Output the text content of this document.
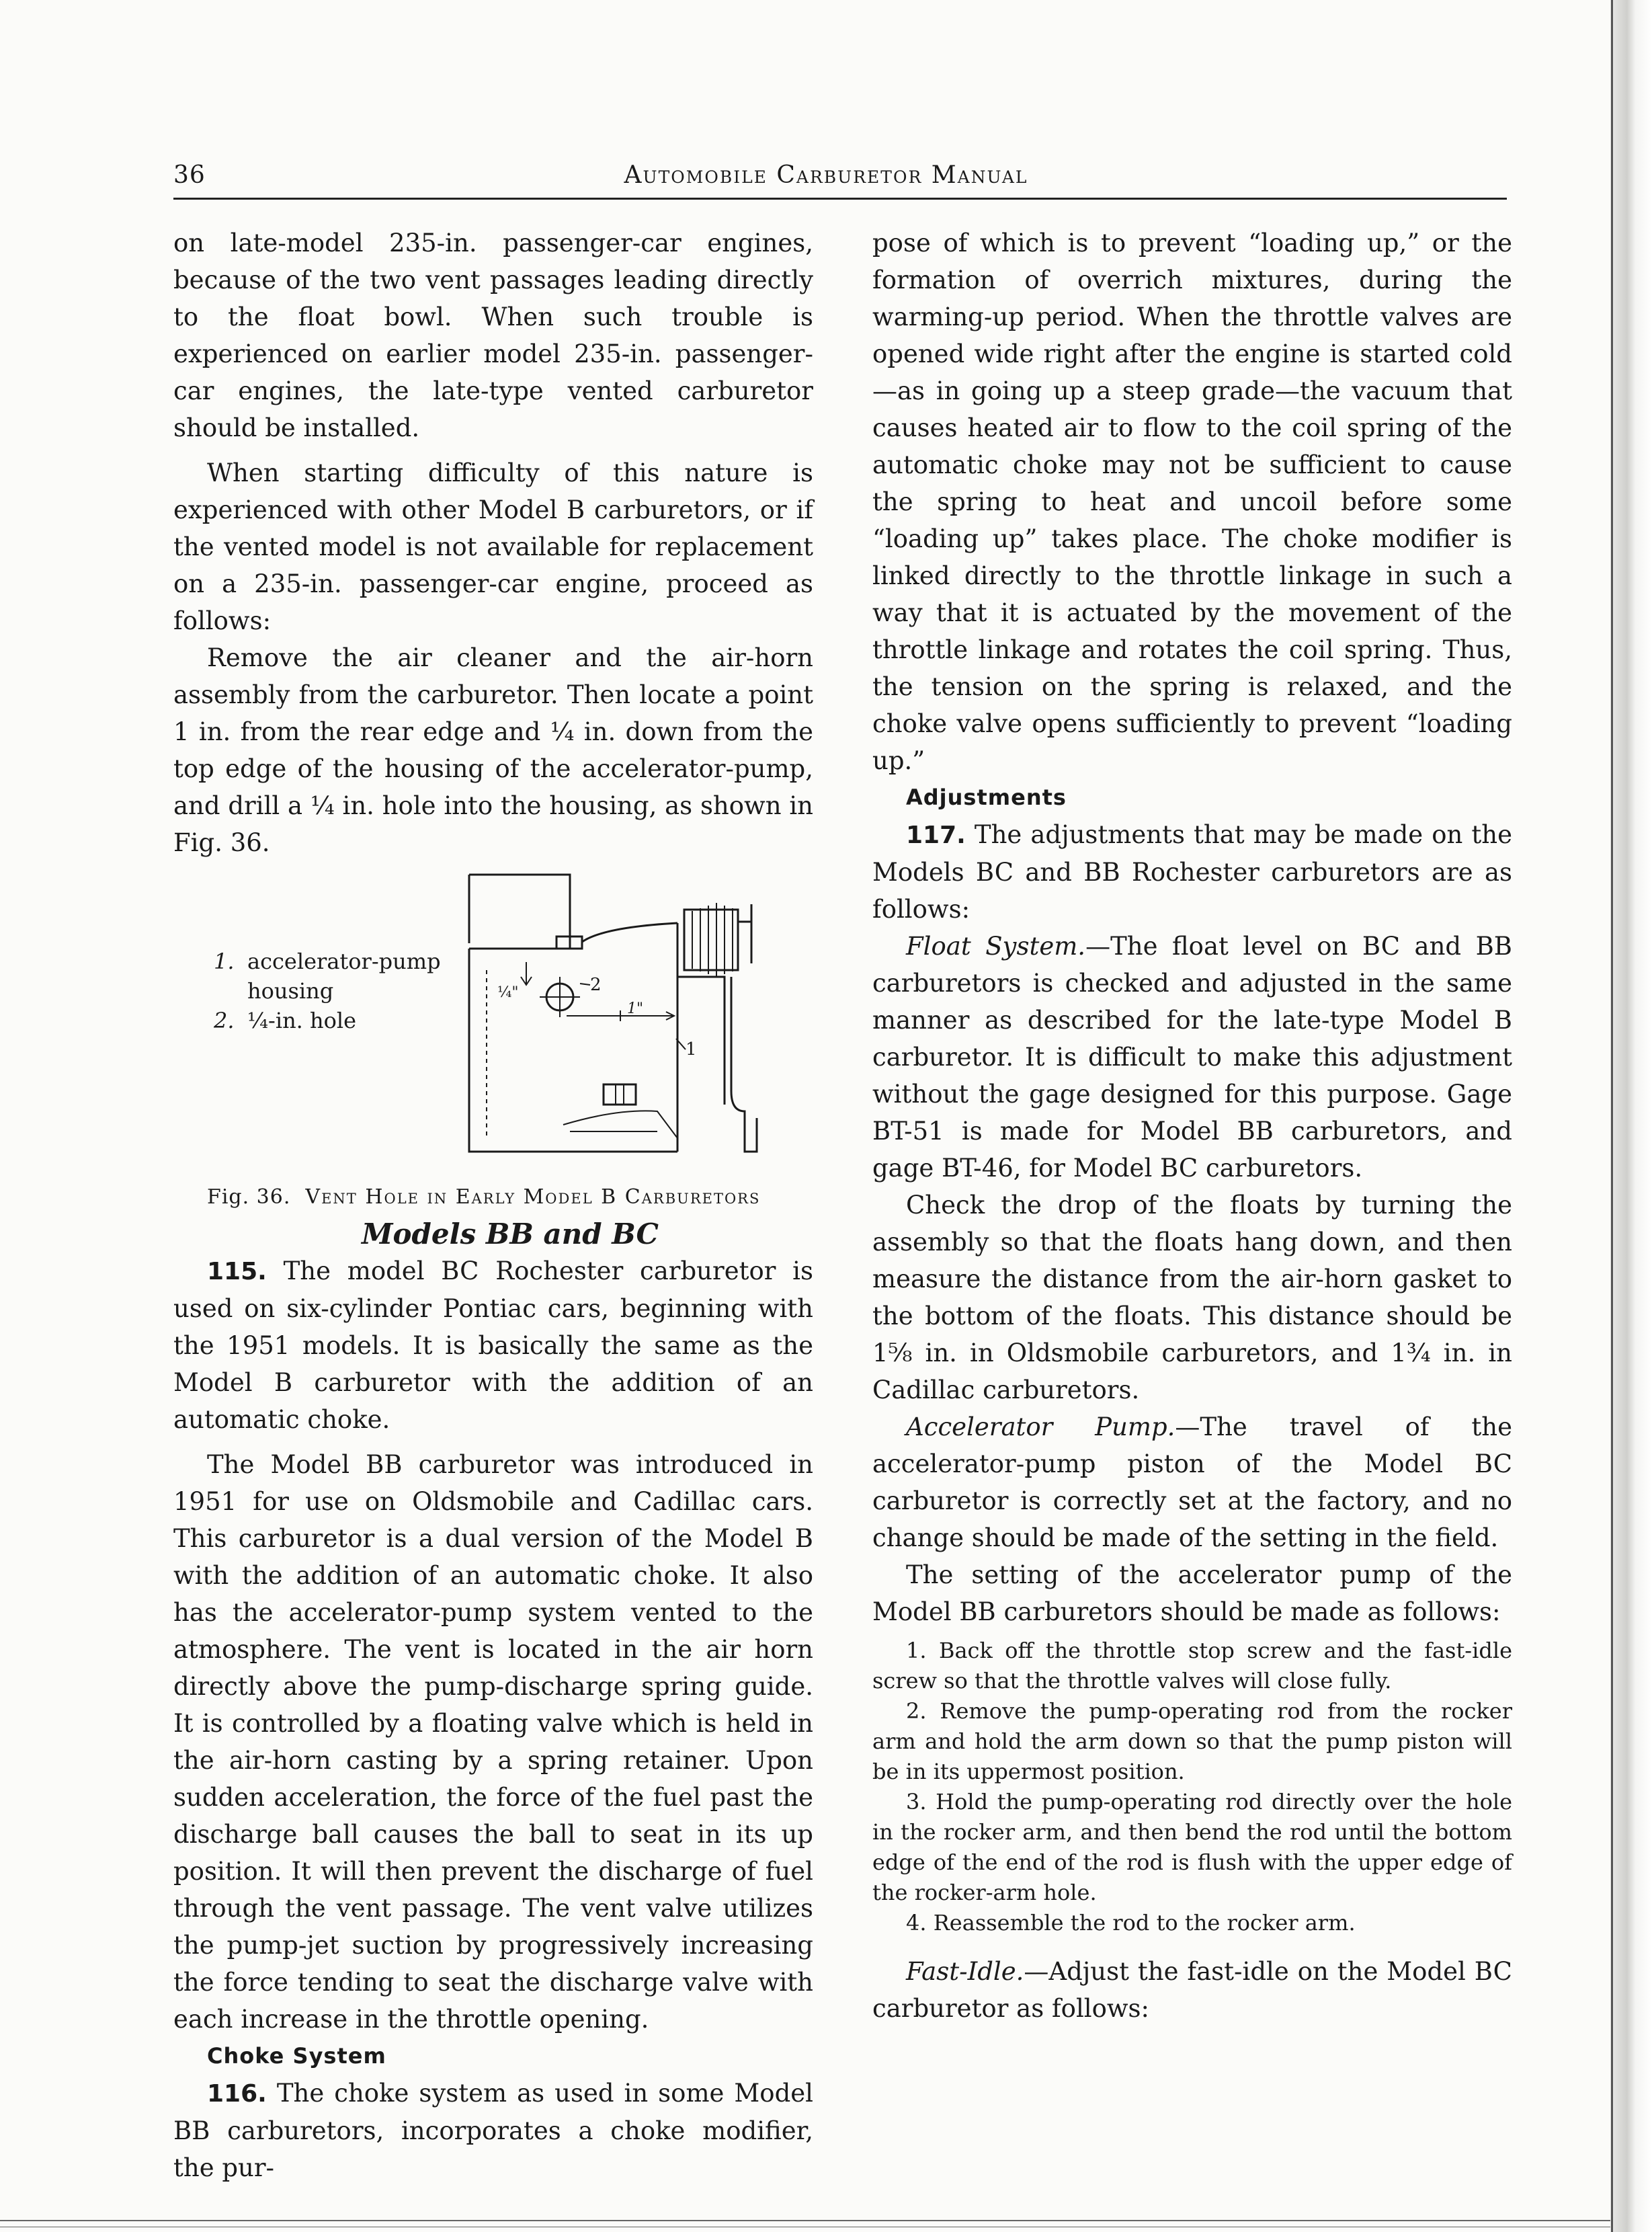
36	Automobile Carburetor Manual

on late-model 235-in. passenger-car engines, because of the two vent passages leading directly to the float bowl. When such trouble is experienced on earlier model 235-in. passenger-car engines, the late-type vented carburetor should be installed.

When starting difficulty of this nature is experienced with other Model B carburetors, or if the vented model is not available for replacement on a 235-in. passenger-car engine, proceed as follows:

Remove the air cleaner and the air-horn assembly from the carburetor. Then locate a point 1 in. from the rear edge and ¼ in. down from the top edge of the housing of the accelerator-pump, and drill a ¼ in. hole into the housing, as shown in Fig. 36.

1. accelerator-pump
housing
2. ¼-in. hole
¼"
1"
2
1

Fig. 36. Vent Hole in Early Model B Carburetors

Models BB and BC

115. The model BC Rochester carburetor is used on six-cylinder Pontiac cars, beginning with the 1951 models. It is basically the same as the Model B carburetor with the addition of an automatic choke.

The Model BB carburetor was introduced in 1951 for use on Oldsmobile and Cadillac cars. This carburetor is a dual version of the Model B with the addition of an automatic choke. It also has the accelerator-pump system vented to the atmosphere. The vent is located in the air horn directly above the pump-discharge spring guide. It is controlled by a floating valve which is held in the air-horn casting by a spring retainer. Upon sudden acceleration, the force of the fuel past the discharge ball causes the ball to seat in its up position. It will then prevent the discharge of fuel through the vent passage. The vent valve utilizes the pump-jet suction by progressively increasing the force tending to seat the discharge valve with each increase in the throttle opening.

Choke System

116. The choke system as used in some Model BB carburetors, incorporates a choke modifier, the pur-

pose of which is to prevent “loading up,” or the formation of overrich mixtures, during the warming-up period. When the throttle valves are opened wide right after the engine is started cold—as in going up a steep grade—the vacuum that causes heated air to flow to the coil spring of the automatic choke may not be sufficient to cause the spring to heat and uncoil before some “loading up” takes place. The choke modifier is linked directly to the throttle linkage in such a way that it is actuated by the movement of the throttle linkage and rotates the coil spring. Thus, the tension on the spring is relaxed, and the choke valve opens sufficiently to prevent “loading up.”

Adjustments

117. The adjustments that may be made on the Models BC and BB Rochester carburetors are as follows:

Float System.—The float level on BC and BB carburetors is checked and adjusted in the same manner as described for the late-type Model B carburetor. It is difficult to make this adjustment without the gage designed for this purpose. Gage BT-51 is made for Model BB carburetors, and gage BT-46, for Model BC carburetors.

Check the drop of the floats by turning the assembly so that the floats hang down, and then measure the distance from the air-horn gasket to the bottom of the floats. This distance should be 1⅝ in. in Oldsmobile carburetors, and 1¾ in. in Cadillac carburetors.

Accelerator Pump.—The travel of the accelerator-pump piston of the Model BC carburetor is correctly set at the factory, and no change should be made of the setting in the field.

The setting of the accelerator pump of the Model BB carburetors should be made as follows:

1. Back off the throttle stop screw and the fast-idle screw so that the throttle valves will close fully.

2. Remove the pump-operating rod from the rocker arm and hold the arm down so that the pump piston will be in its uppermost position.

3. Hold the pump-operating rod directly over the hole in the rocker arm, and then bend the rod until the bottom edge of the end of the rod is flush with the upper edge of the rocker-arm hole.

4. Reassemble the rod to the rocker arm.

Fast-Idle.—Adjust the fast-idle on the Model BC carburetor as follows:
